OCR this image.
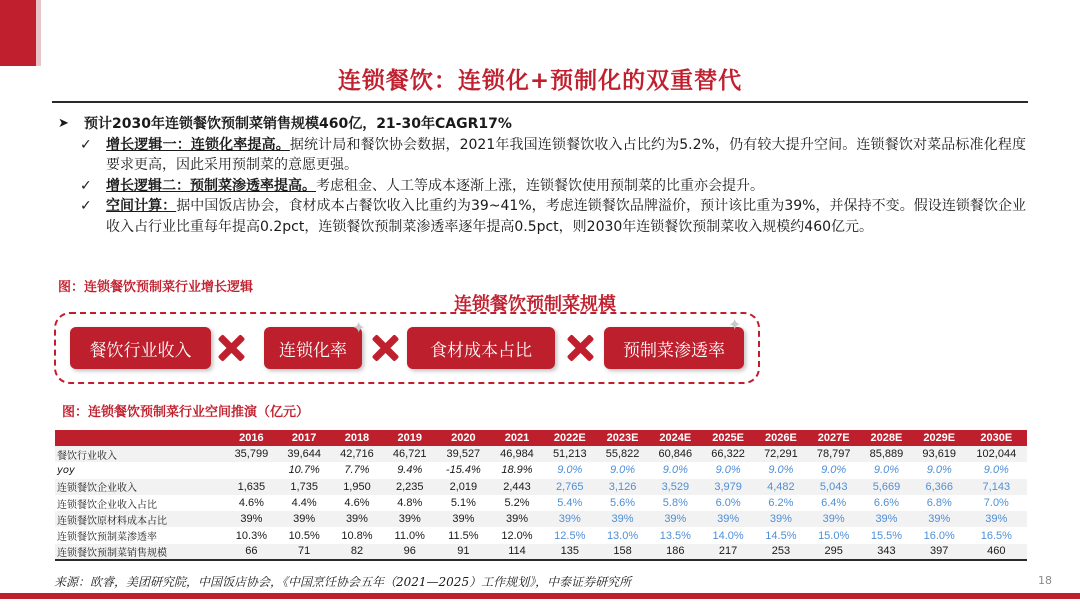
连锁餐饮：连锁化+预制化的双重替代
➤ 预计2030年连锁餐饮预制菜销售规模460亿，21-30年CAGR17%
✓ 增长逻辑一：连锁化率提高。据统计局和餐饮协会数据，2021年我国连锁餐饮收入占比约为5.2%，仍有较大提升空间。连锁餐饮对菜品标准化程度要求更高，因此采用预制菜的意愿更强。
✓ 增长逻辑二：预制菜渗透率提高。考虑租金、人工等成本逐渐上涨，连锁餐饮使用预制菜的比重亦会提升。
✓ 空间计算：据中国饭店协会，食材成本占餐饮收入比重约为39~41%，考虑连锁餐饮品牌溢价，预计该比重为39%，并保持不变。假设连锁餐饮企业收入占行业比重每年提高0.2pct，连锁餐饮预制菜渗透率逐年提高0.5pct，则2030年连锁餐饮预制菜收入规模约460亿元。
图：连锁餐饮预制菜行业增长逻辑
连锁餐饮预制菜规模
餐饮行业收入	连锁化率	食材成本占比	预制菜渗透率
✦	✦
图：连锁餐饮预制菜行业空间推演（亿元）
	2016	2017	2018	2019	2020	2021	2022E	2023E	2024E	2025E	2026E	2027E	2028E	2029E	2030E
餐饮行业收入	35,799	39,644	42,716	46,721	39,527	46,984	51,213	55,822	60,846	66,322	72,291	78,797	85,889	93,619	102,044
yoy		10.7%	7.7%	9.4%	-15.4%	18.9%	9.0%	9.0%	9.0%	9.0%	9.0%	9.0%	9.0%	9.0%	9.0%
连锁餐饮企业收入	1,635	1,735	1,950	2,235	2,019	2,443	2,765	3,126	3,529	3,979	4,482	5,043	5,669	6,366	7,143
连锁餐饮企业收入占比	4.6%	4.4%	4.6%	4.8%	5.1%	5.2%	5.4%	5.6%	5.8%	6.0%	6.2%	6.4%	6.6%	6.8%	7.0%
连锁餐饮原材料成本占比	39%	39%	39%	39%	39%	39%	39%	39%	39%	39%	39%	39%	39%	39%	39%
连锁餐饮预制菜渗透率	10.3%	10.5%	10.8%	11.0%	11.5%	12.0%	12.5%	13.0%	13.5%	14.0%	14.5%	15.0%	15.5%	16.0%	16.5%
连锁餐饮预制菜销售规模	66	71	82	96	91	114	135	158	186	217	253	295	343	397	460
来源：欧睿，美团研究院，中国饭店协会，《中国烹饪协会五年（2021—2025）工作规划》，中泰证券研究所	18
